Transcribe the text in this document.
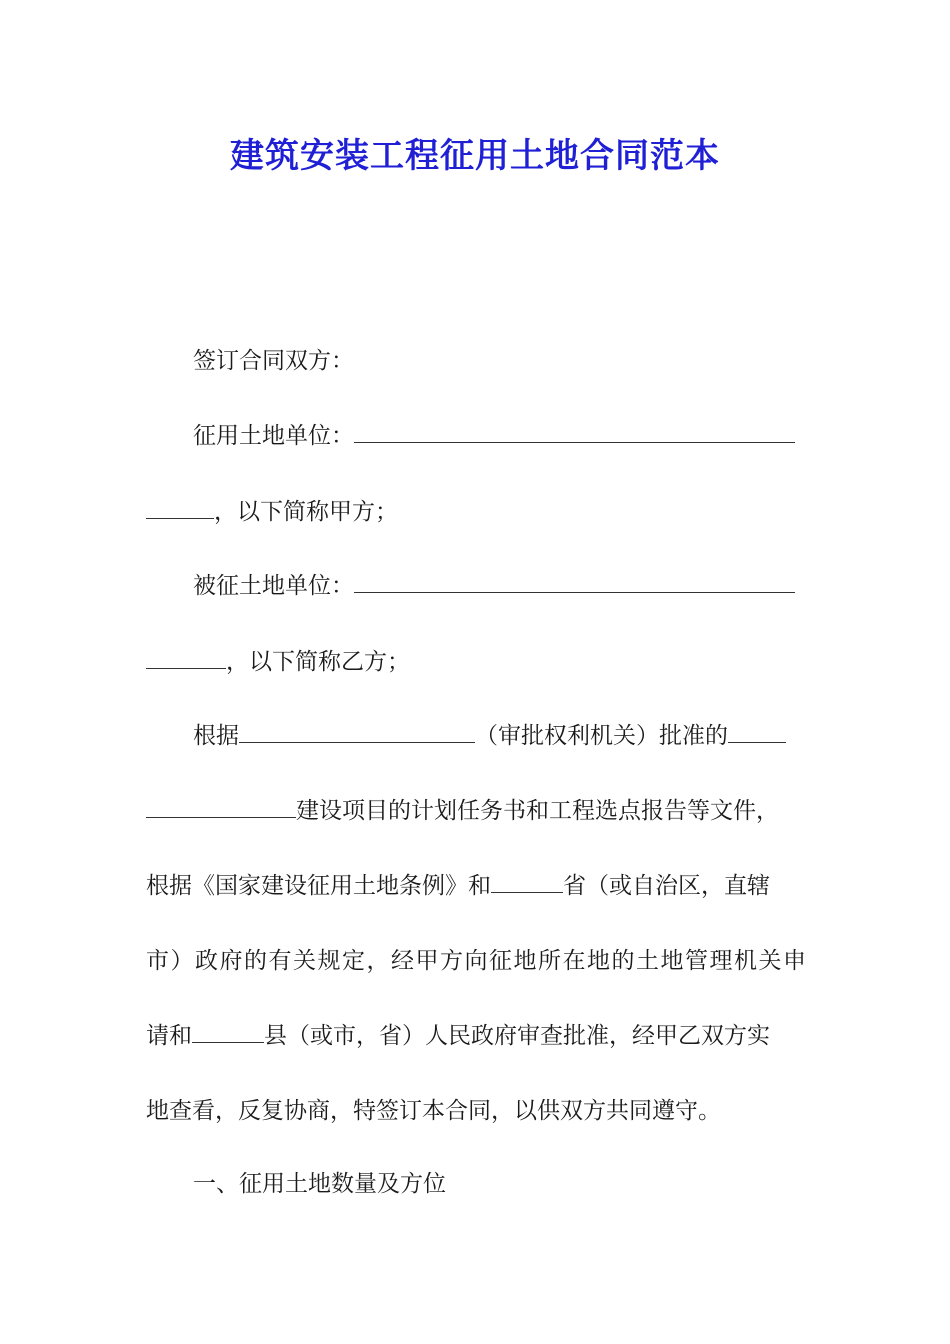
建筑安装工程征用土地合同范本
签订合同双方：
征用土地单位：
，以下简称甲方；
被征土地单位：
，以下简称乙方；
根据	（审批权利机关）批准的
建设项目的计划任务书和工程选点报告等文件，
根据《国家建设征用土地条例》和	省（或自治区，直辖
市）政府的有关规定，经甲方向征地所在地的土地管理机关申
请和	县（或市，省）人民政府审查批准，经甲乙双方实
地查看，反复协商，特签订本合同，以供双方共同遵守。
一、征用土地数量及方位
